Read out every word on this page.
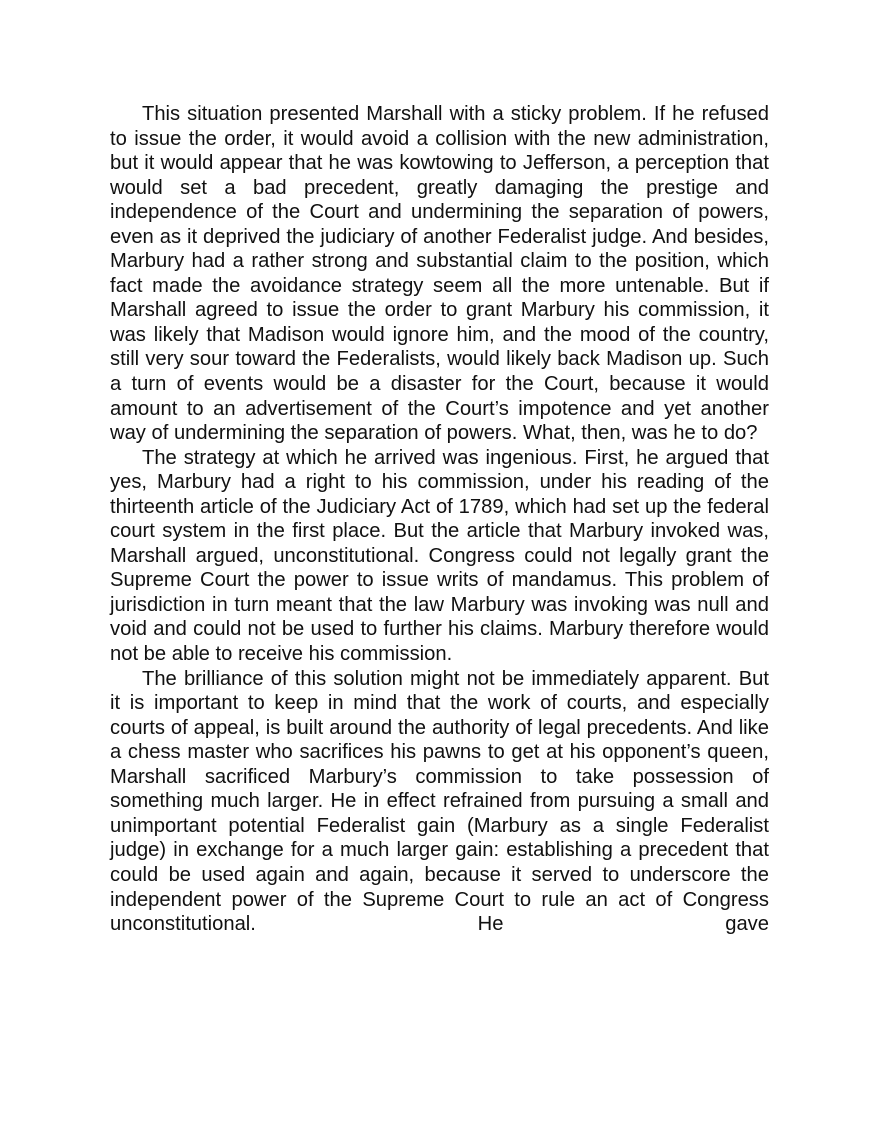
This situation presented Marshall with a sticky problem. If he refused to issue the order, it would avoid a collision with the new administration, but it would appear that he was kowtowing to Jefferson, a perception that would set a bad precedent, greatly damaging the prestige and independence of the Court and undermining the separation of powers, even as it deprived the judiciary of another Federalist judge. And besides, Marbury had a rather strong and substantial claim to the position, which fact made the avoidance strategy seem all the more untenable. But if Marshall agreed to issue the order to grant Marbury his commission, it was likely that Madison would ignore him, and the mood of the country, still very sour toward the Federalists, would likely back Madison up. Such a turn of events would be a disaster for the Court, because it would amount to an advertisement of the Court’s impotence and yet another way of undermining the separation of powers. What, then, was he to do?

The strategy at which he arrived was ingenious. First, he argued that yes, Marbury had a right to his commission, under his reading of the thirteenth article of the Judiciary Act of 1789, which had set up the federal court system in the first place. But the article that Marbury invoked was, Marshall argued, unconstitutional. Congress could not legally grant the Supreme Court the power to issue writs of mandamus. This problem of jurisdiction in turn meant that the law Marbury was invoking was null and void and could not be used to further his claims. Marbury therefore would not be able to receive his commission.

The brilliance of this solution might not be immediately apparent. But it is important to keep in mind that the work of courts, and especially courts of appeal, is built around the authority of legal precedents. And like a chess master who sacrifices his pawns to get at his opponent’s queen, Marshall sacrificed Marbury’s commission to take possession of something much larger. He in effect refrained from pursuing a small and unimportant potential Federalist gain (Marbury as a single Federalist judge) in exchange for a much larger gain: establishing a precedent that could be used again and again, because it served to underscore the independent power of the Supreme Court to rule an act of Congress unconstitutional. He gave
